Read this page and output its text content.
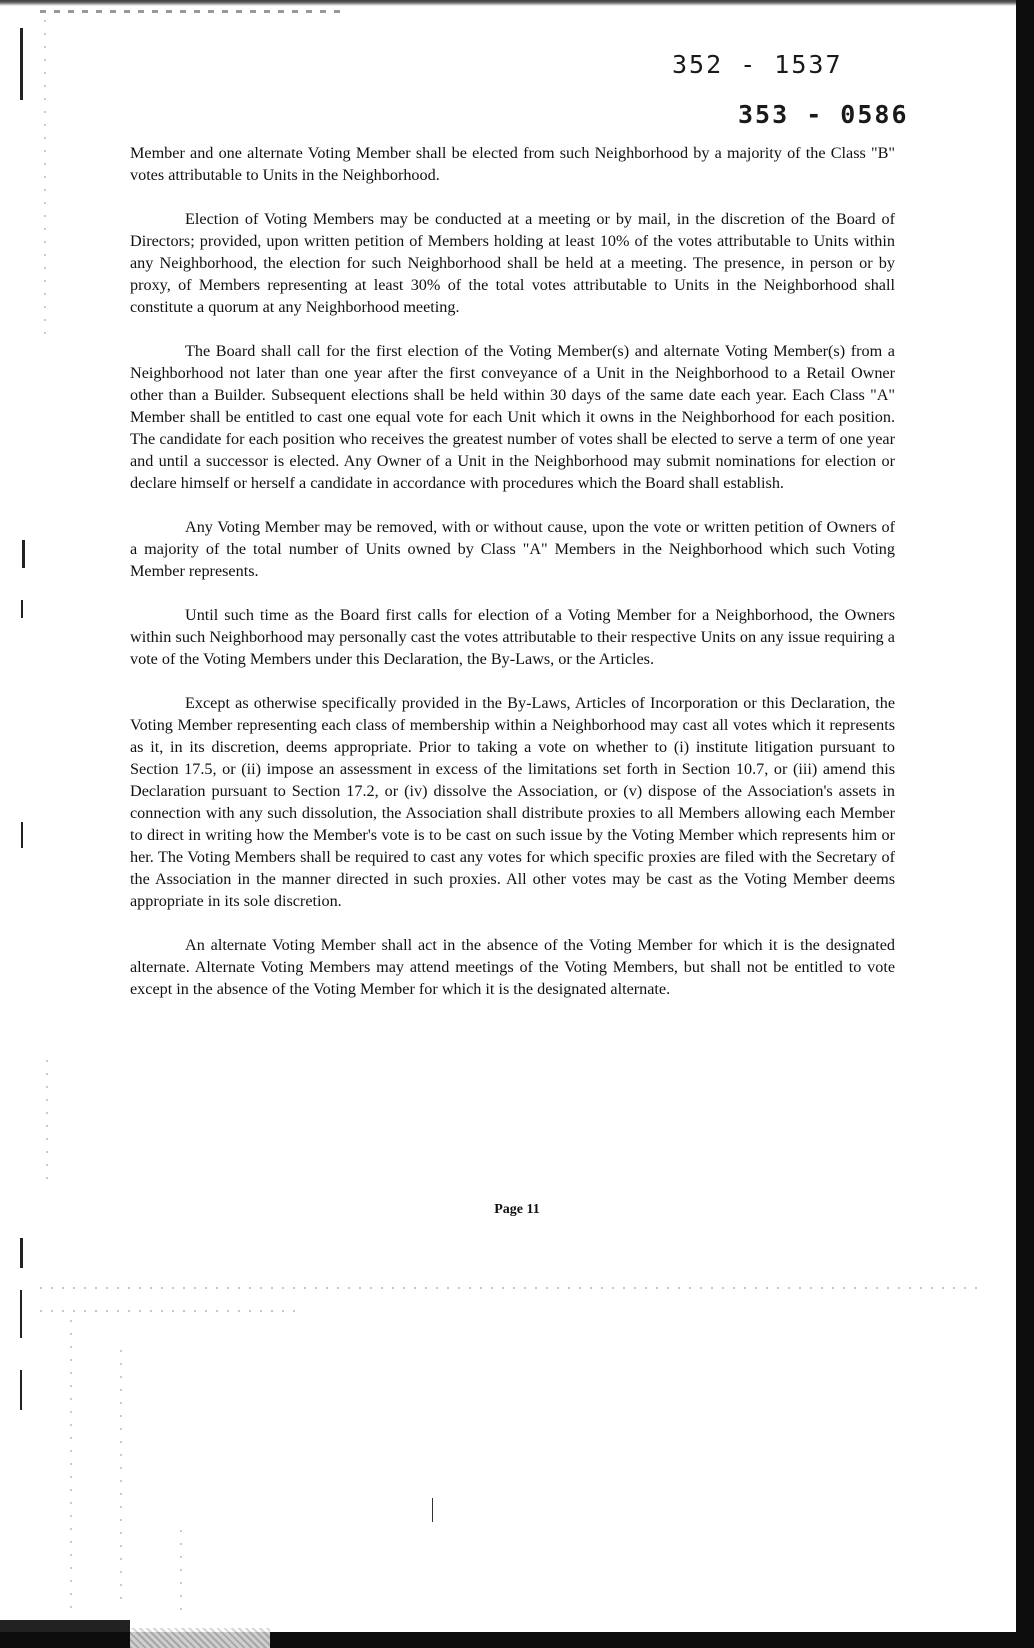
352 - 1537
353 - 0586

Member and one alternate Voting Member shall be elected from such Neighborhood by a majority of the Class "B" votes attributable to Units in the Neighborhood.

Election of Voting Members may be conducted at a meeting or by mail, in the discretion of the Board of Directors; provided, upon written petition of Members holding at least 10% of the votes attributable to Units within any Neighborhood, the election for such Neighborhood shall be held at a meeting. The presence, in person or by proxy, of Members representing at least 30% of the total votes attributable to Units in the Neighborhood shall constitute a quorum at any Neighborhood meeting.

The Board shall call for the first election of the Voting Member(s) and alternate Voting Member(s) from a Neighborhood not later than one year after the first conveyance of a Unit in the Neighborhood to a Retail Owner other than a Builder. Subsequent elections shall be held within 30 days of the same date each year. Each Class "A" Member shall be entitled to cast one equal vote for each Unit which it owns in the Neighborhood for each position. The candidate for each position who receives the greatest number of votes shall be elected to serve a term of one year and until a successor is elected. Any Owner of a Unit in the Neighborhood may submit nominations for election or declare himself or herself a candidate in accordance with procedures which the Board shall establish.

Any Voting Member may be removed, with or without cause, upon the vote or written petition of Owners of a majority of the total number of Units owned by Class "A" Members in the Neighborhood which such Voting Member represents.

Until such time as the Board first calls for election of a Voting Member for a Neighborhood, the Owners within such Neighborhood may personally cast the votes attributable to their respective Units on any issue requiring a vote of the Voting Members under this Declaration, the By-Laws, or the Articles.

Except as otherwise specifically provided in the By-Laws, Articles of Incorporation or this Declaration, the Voting Member representing each class of membership within a Neighborhood may cast all votes which it represents as it, in its discretion, deems appropriate. Prior to taking a vote on whether to (i) institute litigation pursuant to Section 17.5, or (ii) impose an assessment in excess of the limitations set forth in Section 10.7, or (iii) amend this Declaration pursuant to Section 17.2, or (iv) dissolve the Association, or (v) dispose of the Association's assets in connection with any such dissolution, the Association shall distribute proxies to all Members allowing each Member to direct in writing how the Member's vote is to be cast on such issue by the Voting Member which represents him or her. The Voting Members shall be required to cast any votes for which specific proxies are filed with the Secretary of the Association in the manner directed in such proxies. All other votes may be cast as the Voting Member deems appropriate in its sole discretion.

An alternate Voting Member shall act in the absence of the Voting Member for which it is the designated alternate. Alternate Voting Members may attend meetings of the Voting Members, but shall not be entitled to vote except in the absence of the Voting Member for which it is the designated alternate.

Page 11
